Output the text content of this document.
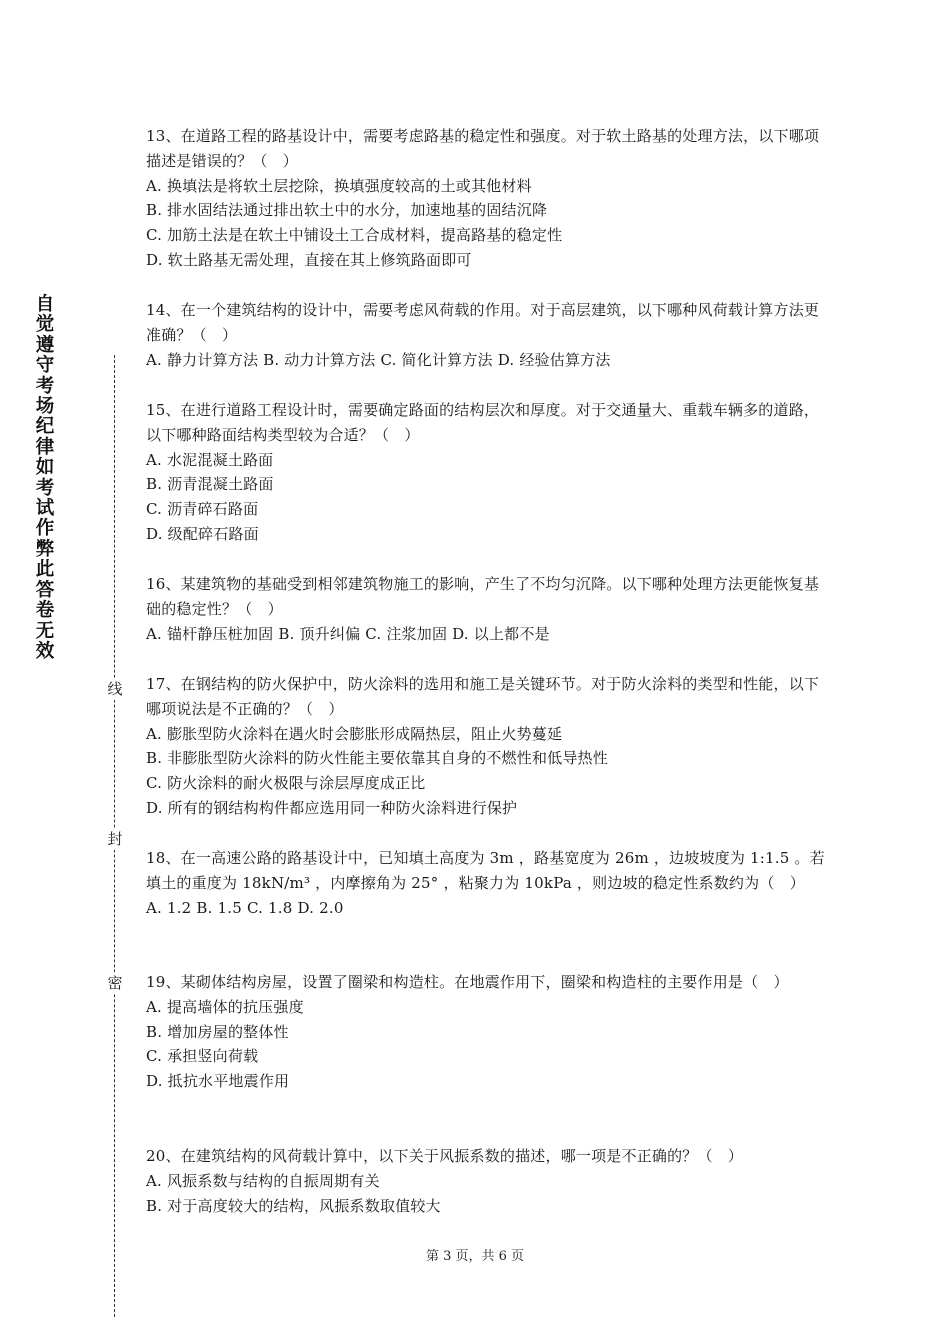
自觉遵守考场纪律如考试作弊此答卷无效
线
封
密

13、在道路工程的路基设计中，需要考虑路基的稳定性和强度。对于软土路基的处理方法，以下哪项描述是错误的？（　）

A. 换填法是将软土层挖除，换填强度较高的土或其他材料

B. 排水固结法通过排出软土中的水分，加速地基的固结沉降

C. 加筋土法是在软土中铺设土工合成材料，提高路基的稳定性

D. 软土路基无需处理，直接在其上修筑路面即可

14、在一个建筑结构的设计中，需要考虑风荷载的作用。对于高层建筑，以下哪种风荷载计算方法更准确？（　）

A. 静力计算方法 B. 动力计算方法 C. 简化计算方法 D. 经验估算方法

15、在进行道路工程设计时，需要确定路面的结构层次和厚度。对于交通量大、重载车辆多的道路，以下哪种路面结构类型较为合适？（　）

A. 水泥混凝土路面

B. 沥青混凝土路面

C. 沥青碎石路面

D. 级配碎石路面

16、某建筑物的基础受到相邻建筑物施工的影响，产生了不均匀沉降。以下哪种处理方法更能恢复基础的稳定性？（　）

A. 锚杆静压桩加固 B. 顶升纠偏 C. 注浆加固 D. 以上都不是

17、在钢结构的防火保护中，防火涂料的选用和施工是关键环节。对于防火涂料的类型和性能，以下哪项说法是不正确的？（　）

A. 膨胀型防火涂料在遇火时会膨胀形成隔热层，阻止火势蔓延

B. 非膨胀型防火涂料的防火性能主要依靠其自身的不燃性和低导热性

C. 防火涂料的耐火极限与涂层厚度成正比

D. 所有的钢结构构件都应选用同一种防火涂料进行保护

18、在一高速公路的路基设计中，已知填土高度为 3m ，路基宽度为 26m ，边坡坡度为 1:1.5 。若填土的重度为 18kN/m³ ，内摩擦角为 25° ，粘聚力为 10kPa ，则边坡的稳定性系数约为（　）

A. 1.2 B. 1.5 C. 1.8 D. 2.0

19、某砌体结构房屋，设置了圈梁和构造柱。在地震作用下，圈梁和构造柱的主要作用是（　）

A. 提高墙体的抗压强度

B. 增加房屋的整体性

C. 承担竖向荷载

D. 抵抗水平地震作用

20、在建筑结构的风荷载计算中，以下关于风振系数的描述，哪一项是不正确的？（　）

A. 风振系数与结构的自振周期有关

B. 对于高度较大的结构，风振系数取值较大

第 3 页，共 6 页
